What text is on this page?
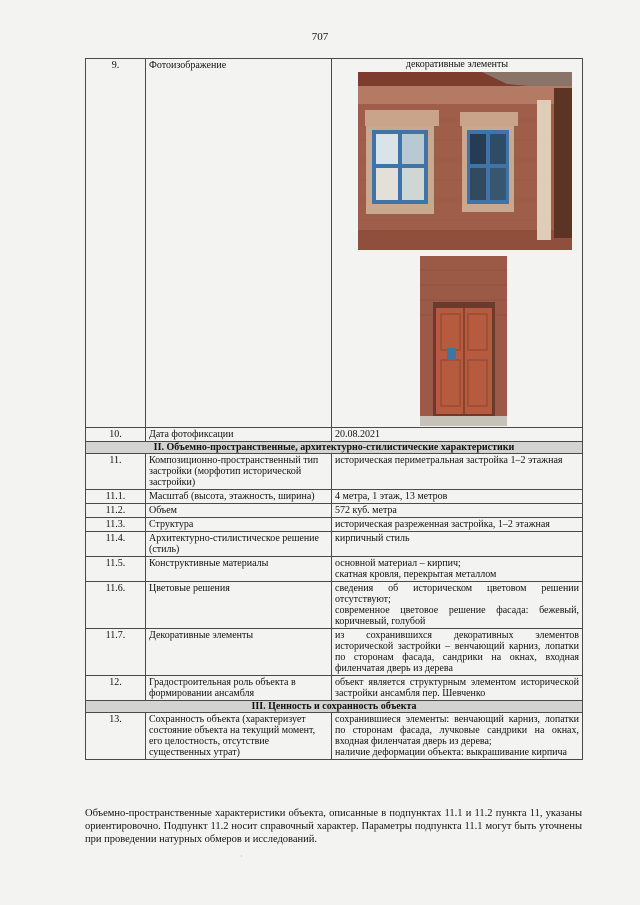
707
9.	Фотоизображение	декоративные элементы

10.	Дата фотофиксации	20.08.2021
II. Объемно-пространственные, архитектурно-стилистические характеристики		
11.	Композиционно-пространственный тип застройки (морфотип исторической застройки)	историческая периметральная застройка 1–2 этажная
11.1.	Масштаб (высота, этажность, ширина)	4 метра, 1 этаж, 13 метров
11.2.	Объем	572 куб. метра
11.3.	Структура	историческая разреженная застройка, 1–2 этажная
11.4.	Архитектурно-стилистическое решение (стиль)	кирпичный стиль
11.5.	Конструктивные материалы	основной материал – кирпич;
скатная кровля, перекрытая металлом

11.6.	Цветовые решения	сведения об историческом цветовом решении отсутствуют;
современное цветовое решение фасада: бежевый, коричневый, голубой

11.7.	Декоративные элементы	из сохранившихся декоративных элементов исторической застройки – венчающий карниз, лопатки по сторонам фасада, сандрики на окнах, входная филенчатая дверь из дерева
12.	Градостроительная роль объекта в формировании ансамбля	объект является структурным элементом исторической застройки ансамбля пер. Шевченко
III. Ценность и сохранность объекта		
13.	Сохранность объекта (характеризует состояние объекта на текущий момент, его целостность, отсутствие существенных утрат)	сохранившиеся элементы: венчающий карниз, лопатки по сторонам фасада, лучковые сандрики на окнах, входная филенчатая дверь из дерева;
наличие деформации объекта: выкрашивание кирпича
Объемно-пространственные характеристики объекта, описанные в подпунктах 11.1 и 11.2 пункта 11, указаны ориентировочно. Подпункт 11.2 носит справочный характер. Параметры подпункта 11.1 могут быть уточнены при проведении натурных обмеров и исследований.
·
